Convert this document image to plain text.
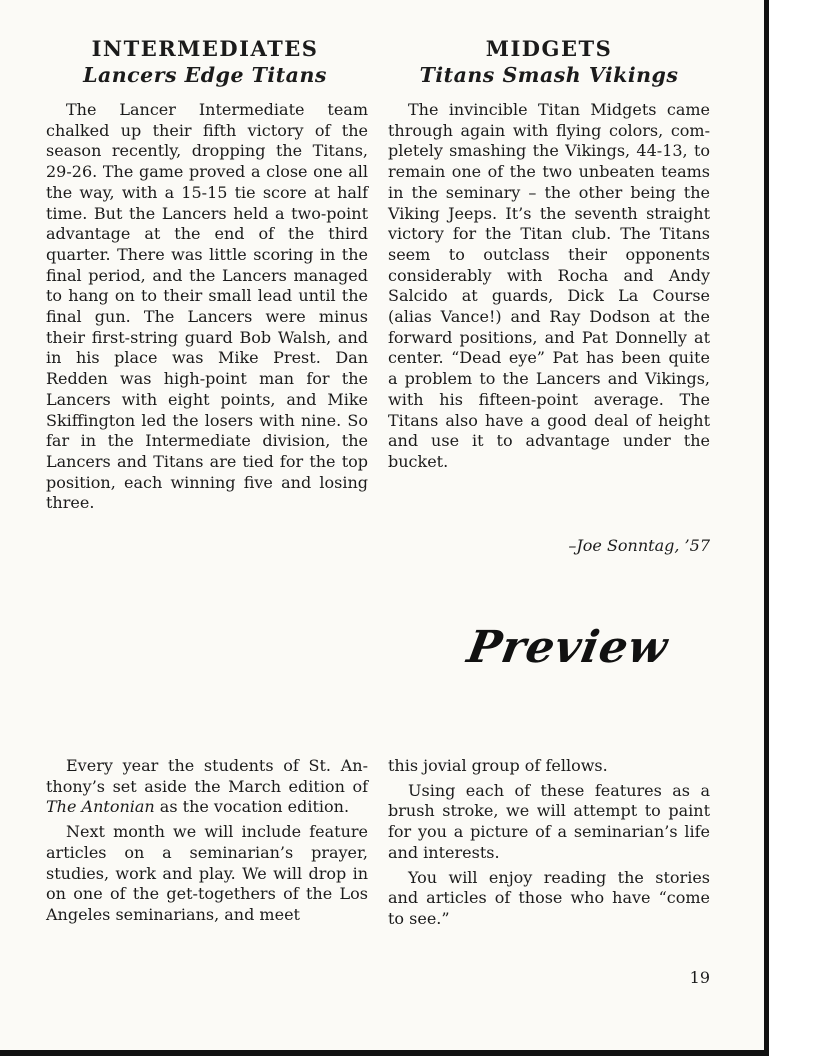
INTERMEDIATES
Lancers Edge Titans

The Lancer Intermediate team chalked up their fifth victory of the season recently, dropping the Titans, 29-26. The game proved a close one all the way, with a 15-15 tie score at half time. But the Lancers held a two-point advantage at the end of the third quarter. There was little scoring in the final period, and the Lancers managed to hang on to their small lead until the final gun. The Lancers were minus their first-string guard Bob Walsh, and in his place was Mike Prest. Dan Redden was high-point man for the Lancers with eight points, and Mike Skiffington led the losers with nine. So far in the Intermediate division, the Lancers and Titans are tied for the top position, each winning five and losing three.

MIDGETS
Titans Smash Vikings

The invincible Titan Midgets came through again with flying colors, completely smashing the Vikings, 44-13, to remain one of the two unbeaten teams in the seminary – the other being the Viking Jeeps. It’s the seventh straight victory for the Titan club. The Titans seem to outclass their opponents considerably with Rocha and Andy Salcido at guards, Dick La Course (alias Vance!) and Ray Dodson at the forward positions, and Pat Donnelly at center. “Dead eye” Pat has been quite a problem to the Lancers and Vikings, with his fifteen-point average. The Titans also have a good deal of height and use it to advantage under the bucket.

–Joe Sonntag, ’57
Preview

Every year the students of St. Anthony’s set aside the March edition of The Antonian as the vocation edition.

Next month we will include feature articles on a seminarian’s prayer, studies, work and play. We will drop in on one of the get-togethers of the Los Angeles seminarians, and meet

this jovial group of fellows.

Using each of these features as a brush stroke, we will attempt to paint for you a picture of a seminarian’s life and interests.

You will enjoy reading the stories and articles of those who have “come to see.”

19
